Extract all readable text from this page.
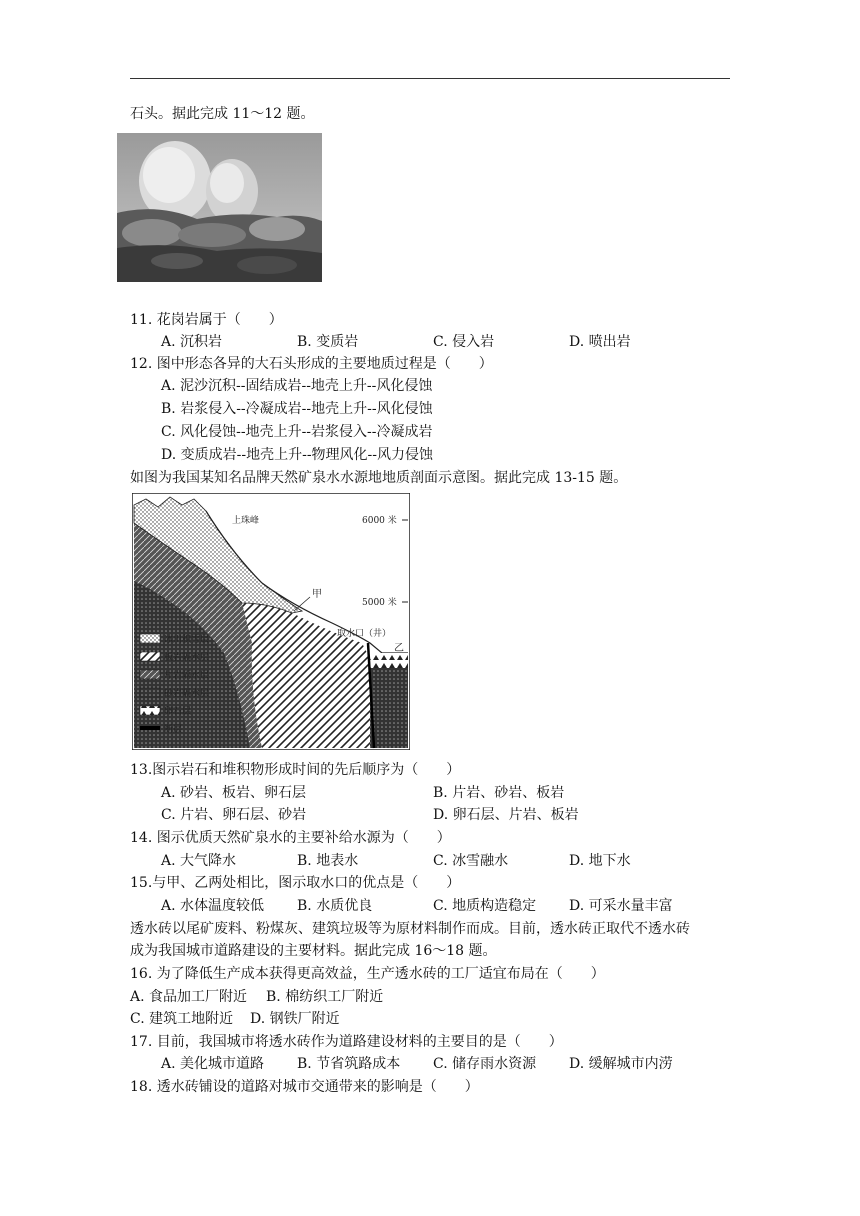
石头。据此完成 11～12 题。
11. 花岗岩属于（　　）
A. 沉积岩	B. 变质岩	C. 侵入岩	D. 喷出岩
12. 图中形态各异的大石头形成的主要地质过程是（　　）
A. 泥沙沉积--固结成岩--地壳上升--风化侵蚀
B. 岩浆侵入--冷凝成岩--地壳上升--风化侵蚀
C. 风化侵蚀--地壳上升--岩浆侵入--冷凝成岩
D. 变质成岩--地壳上升--物理风化--风力侵蚀
如图为我国某知名品牌天然矿泉水水源地地质剖面示意图。据此完成 13-15 题。
上珠峰	6000 米
5000 米
甲
取水口（井）
乙
冰川积雪层
板岩隔水层
片岩隔水层
砂岩隔水层
卵石层
断层
13.图示岩石和堆积物形成时间的先后顺序为（　　）
A. 砂岩、板岩、卵石层	B. 片岩、砂岩、板岩
C. 片岩、卵石层、砂岩	D. 卵石层、片岩、板岩
14. 图示优质天然矿泉水的主要补给水源为（　　）
A. 大气降水	B. 地表水	C. 冰雪融水	D. 地下水
15.与甲、乙两处相比，图示取水口的优点是（　　）
A. 水体温度较低 B. 水质优良	C. 地质构造稳定 D. 可采水量丰富
透水砖以尾矿废料、粉煤灰、建筑垃圾等为原材料制作而成。目前，透水砖正取代不透水砖
成为我国城市道路建设的主要材料。据此完成 16～18 题。
16. 为了降低生产成本获得更高效益，生产透水砖的工厂适宜布局在（　　）
A. 食品加工厂附近 B. 棉纺织工厂附近
C. 建筑工地附近 D. 钢铁厂附近
17. 目前，我国城市将透水砖作为道路建设材料的主要目的是（　　）
A. 美化城市道路 B. 节省筑路成本 C. 储存雨水资源 D. 缓解城市内涝
18. 透水砖铺设的道路对城市交通带来的影响是（　　）
